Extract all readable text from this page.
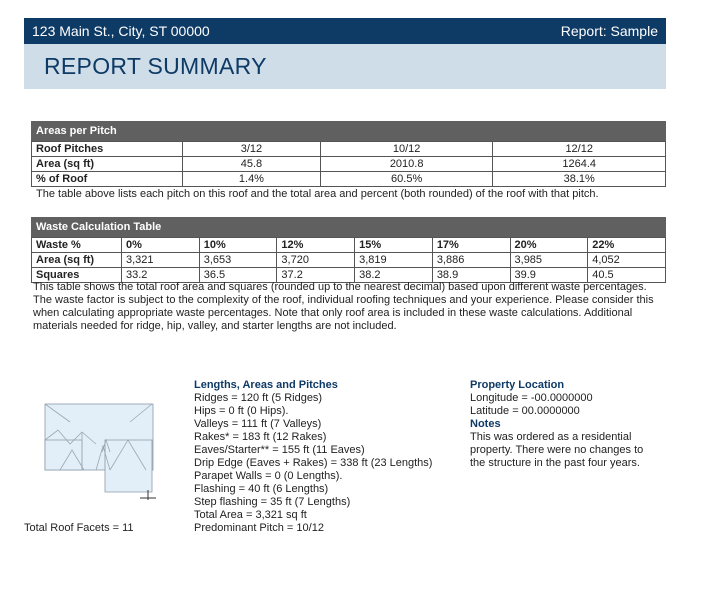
123 Main St., City, ST 00000	Report: Sample
REPORT SUMMARY
Areas per Pitch
Roof Pitches	3/12	10/12	12/12
Area (sq ft)	45.8	2010.8	1264.4
% of Roof	1.4%	60.5%	38.1%
The table above lists each pitch on this roof and the total area and percent (both rounded) of the roof with that pitch.
Waste Calculation Table
Waste %	0%	10%	12%	15%	17%	20%	22%
Area (sq ft)	3,321	3,653	3,720	3,819	3,886	3,985	4,052
Squares	33.2	36.5	37.2	38.2	38.9	39.9	40.5
This table shows the total roof area and squares (rounded up to the nearest decimal) based upon different waste percentages. The waste factor is subject to the complexity of the roof, individual roofing techniques and your experience. Please consider this when calculating appropriate waste percentages. Note that only roof area is included in these waste calculations. Additional materials needed for ridge, hip, valley, and starter lengths are not included.
Total Roof Facets = 11
Lengths, Areas and Pitches
Ridges = 120 ft (5 Ridges)
Hips = 0 ft (0 Hips).
Valleys = 111 ft (7 Valleys)
Rakes* = 183 ft (12 Rakes)
Eaves/Starter** = 155 ft (11 Eaves)
Drip Edge (Eaves + Rakes) = 338 ft (23 Lengths)
Parapet Walls = 0 (0 Lengths).
Flashing = 40 ft (6 Lengths)
Step flashing = 35 ft (7 Lengths)
Total Area = 3,321 sq ft
Predominant Pitch = 10/12
Property Location
Longitude = -00.0000000
Latitude = 00.0000000
Notes
This was ordered as a residential property. There were no changes to the structure in the past four years.
